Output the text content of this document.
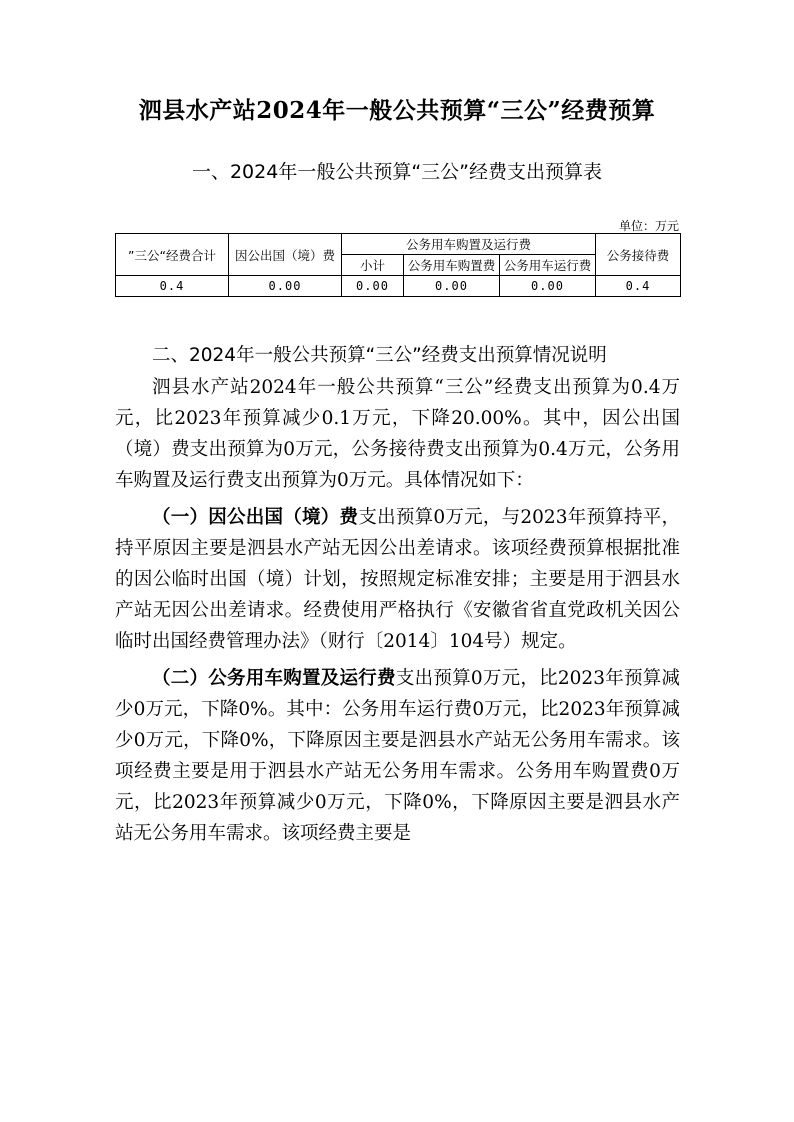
泗县水产站2024年一般公共预算“三公”经费预算
一、2024年一般公共预算“三公”经费支出预算表
单位：万元
”三公“经费合计	因公出国（境）费	公务用车购置及运行费			公务接待费
		小计	公务用车购置费	公务用车运行费	
0.4	0.00	0.00	0.00	0.00	0.4
二、2024年一般公共预算“三公”经费支出预算情况说明

泗县水产站2024年一般公共预算“三公”经费支出预算为0.4万元，比2023年预算减少0.1万元，下降20.00%。其中，因公出国（境）费支出预算为0万元，公务接待费支出预算为0.4万元，公务用车购置及运行费支出预算为0万元。具体情况如下：

（一）因公出国（境）费支出预算0万元，与2023年预算持平，持平原因主要是泗县水产站无因公出差请求。该项经费预算根据批准的因公临时出国（境）计划，按照规定标准安排；主要是用于泗县水产站无因公出差请求。经费使用严格执行《安徽省省直党政机关因公临时出国经费管理办法》（财行〔2014〕104号）规定。

（二）公务用车购置及运行费支出预算0万元，比2023年预算减少0万元，下降0%。其中：公务用车运行费0万元，比2023年预算减少0万元，下降0%，下降原因主要是泗县水产站无公务用车需求。该项经费主要是用于泗县水产站无公务用车需求。公务用车购置费0万元，比2023年预算减少0万元，下降0%，下降原因主要是泗县水产站无公务用车需求。该项经费主要是
